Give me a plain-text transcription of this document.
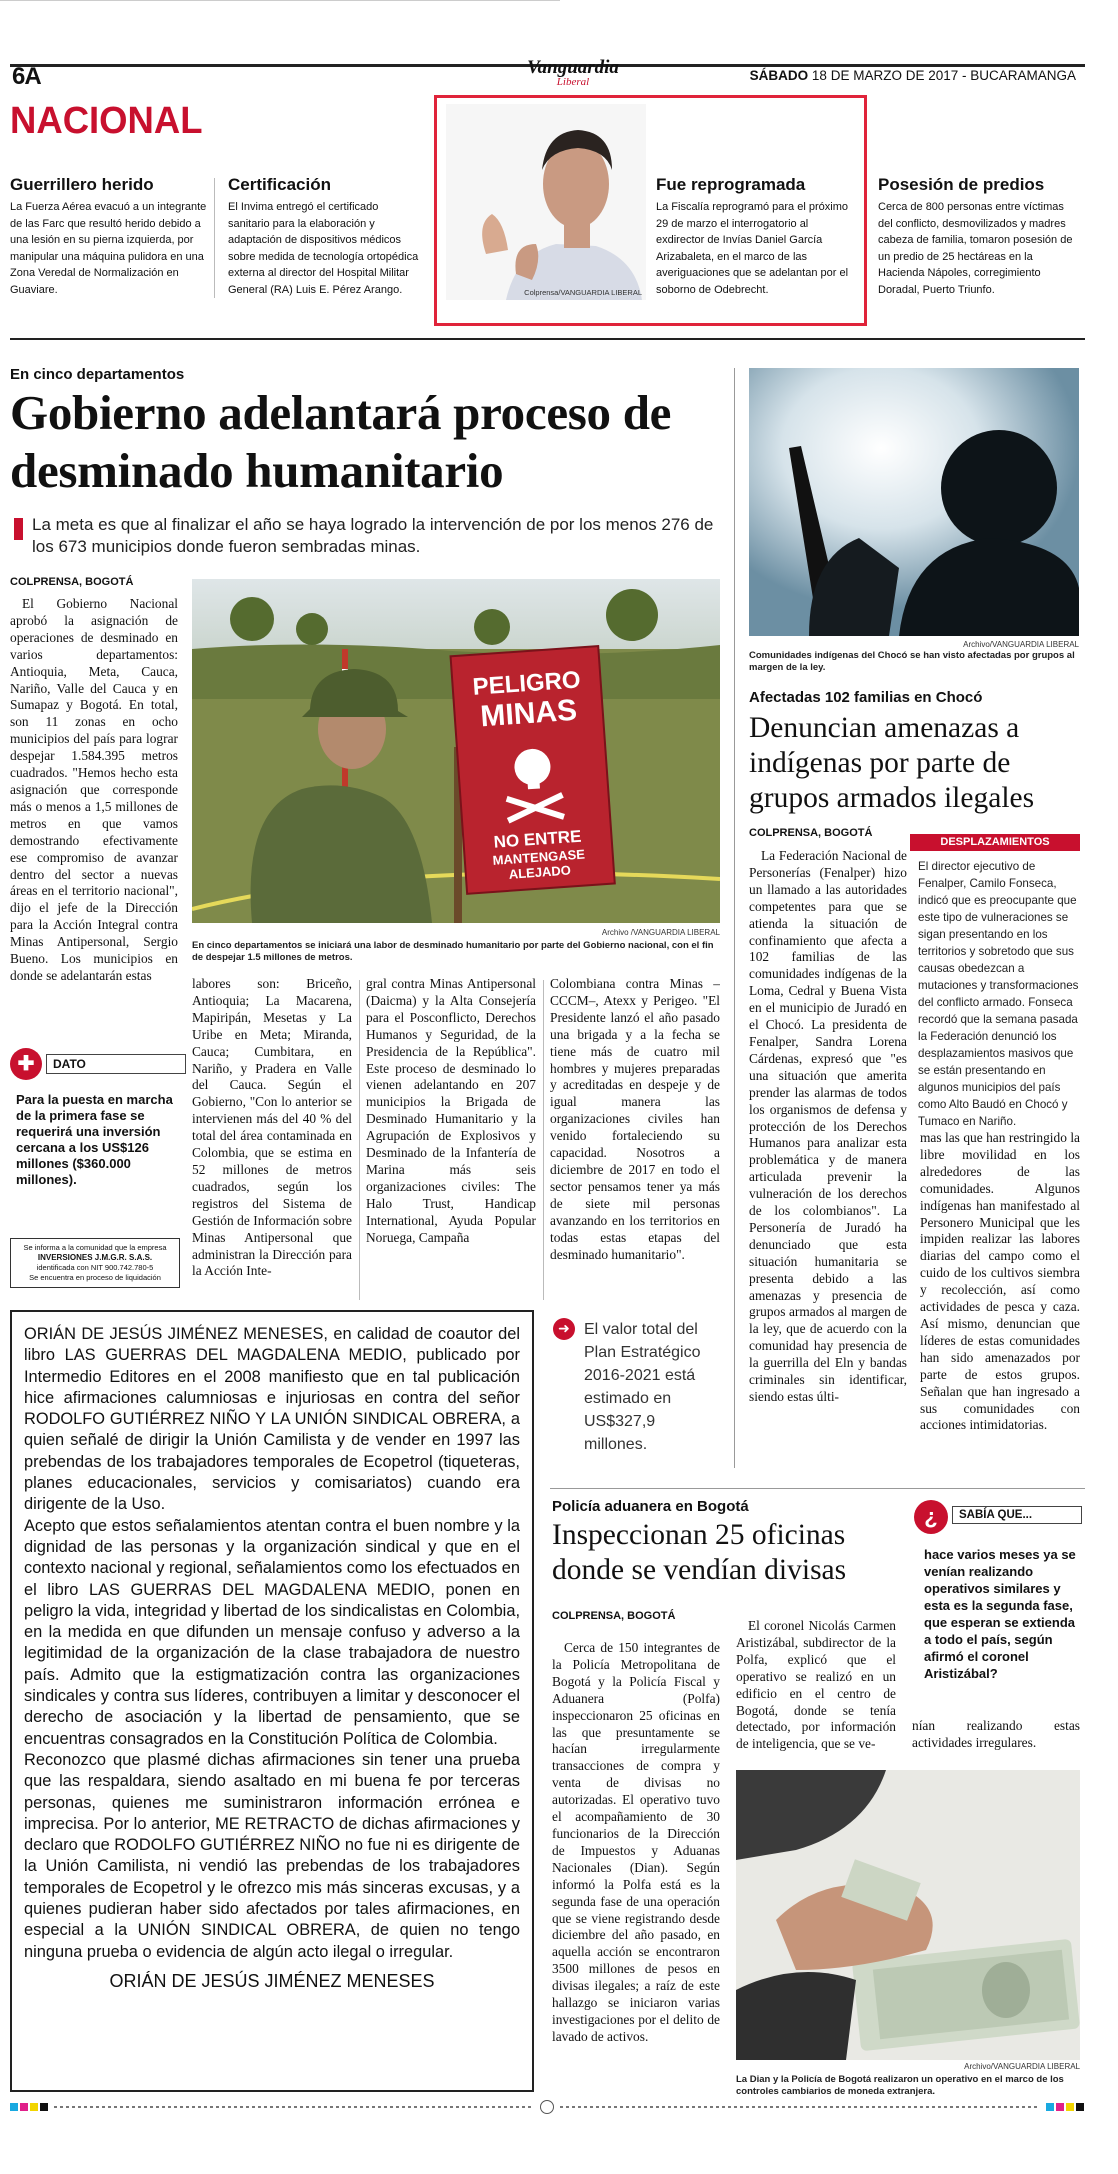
6A	Vanguardia
Liberal	SÁBADO 18 DE MARZO DE 2017 - BUCARAMANGA
NACIONAL
Guerrillero herido
La Fuerza Aérea evacuó a un integrante de las Farc que resultó herido debido a una lesión en su pierna izquierda, por manipular una máquina pulidora en una Zona Veredal de Normalización en Guaviare.
Certificación
El Invima entregó el certificado sanitario para la elaboración y adaptación de dispositivos médicos sobre medida de tecnología ortopédica externa al director del Hospital Militar General (RA) Luis E. Pérez Arango.	Colprensa/VANGUARDIA LIBERAL
Fue reprogramada
La Fiscalía reprogramó para el próximo 29 de marzo el interrogatorio al exdirector de Invías Daniel García Arizabaleta, en el marco de las averiguaciones que se adelantan por el soborno de Odebrecht.
Posesión de predios
Cerca de 800 personas entre víctimas del conflicto, desmovilizados y madres cabeza de familia, tomaron posesión de un predio de 25 hectáreas en la Hacienda Nápoles, corregimiento Doradal, Puerto Triunfo.
En cinco departamentos
Gobierno adelantará proceso de desminado humanitario
La meta es que al finalizar el año se haya logrado la intervención de por los menos 276 de los 673 municipios donde fueron sembradas minas.
COLPRENSA, BOGOTÁ

El Gobierno Nacional aprobó la asignación de operaciones de desminado en varios departamentos: Antioquia, Meta, Cauca, Nariño, Valle del Cauca y en Sumapaz y Bogotá. En total, son 11 zonas en ocho municipios del país para lograr despejar 1.584.395 metros cuadrados. "Hemos hecho esta asignación que corresponde más o menos a 1,5 millones de metros en que vamos demostrando efectivamente ese compromiso de avanzar dentro del sector a nuevas áreas en el territorio nacional", dijo el jefe de la Dirección para la Acción Integral contra Minas Antipersonal, Sergio Bueno. Los municipios en donde se adelantarán estas

PELIGRO
MINAS
NO ENTRE
MANTENGASE
ALEJADO
Archivo /VANGUARDIA LIBERAL
En cinco departamentos se iniciará una labor de desminado humanitario por parte del Gobierno nacional, con el fin de despejar 1.5 millones de metros.

labores son: Briceño, Antioquia; La Macarena, Mapiripán, Mesetas y La Uribe en Meta; Miranda, Cauca; Cumbitara, en Nariño, y Pradera en Valle del Cauca. Según el Gobierno, "Con lo anterior se intervienen más del 40 % del total del área contaminada en Colombia, que se estima en 52 millones de metros cuadrados, según los registros del Sistema de Gestión de Información sobre Minas Antipersonal que administran la Dirección para la Acción Inte-

gral contra Minas Antipersonal (Daicma) y la Alta Consejería para el Posconflicto, Derechos Humanos y Seguridad, de la Presidencia de la República". Este proceso de desminado lo vienen adelantando en 207 municipios la Brigada de Desminado Humanitario y la Agrupación de Explosivos y Desminado de la Infantería de Marina más seis organizaciones civiles: The Halo Trust, Handicap International, Ayuda Popular Noruega, Campaña

Colombiana contra Minas –CCCM–, Atexx y Perigeo. "El Presidente lanzó el año pasado una brigada y a la fecha se tiene más de cuatro mil hombres y mujeres preparadas y acreditadas en despeje y de igual manera las organizaciones civiles han venido fortaleciendo su capacidad. Nosotros a diciembre de 2017 en todo el sector pensamos tener ya más de siete mil personas avanzando en los territorios en todas estas etapas del desminado humanitario".

✚	DATO
Para la puesta en marcha de la primera fase se requerirá una inversión cercana a los US$126 millones ($360.000 millones).
Se informa a la comunidad que la empresa
INVERSIONES J.M.G.R. S.A.S.
identificada con NIT 900.742.780-5
Se encuentra en proceso de liquidación
➜ El valor total del Plan Estratégico 2016-2021 está estimado en US$327,9 millones.

ORIÁN DE JESÚS JIMÉNEZ MENESES, en calidad de coautor del libro LAS GUERRAS DEL MAGDALENA MEDIO, publicado por Intermedio Editores en el 2008 manifiesto que en tal publicación hice afirmaciones calumniosas e injuriosas en contra del señor RODOLFO GUTIÉRREZ NIÑO Y LA UNIÓN SINDICAL OBRERA, a quien señalé de dirigir la Unión Camilista y de vender en 1997 las prebendas de los trabajadores temporales de Ecopetrol (tiqueteras, planes educacionales, servicios y comisariatos) cuando era dirigente de la Uso.

Acepto que estos señalamientos atentan contra el buen nombre y la dignidad de las personas y la organización sindical y que en el contexto nacional y regional, señalamientos como los efectuados en el libro LAS GUERRAS DEL MAGDALENA MEDIO, ponen en peligro la vida, integridad y libertad de los sindicalistas en Colombia, en la medida en que difunden un mensaje confuso y adverso a la legitimidad de la organización de la clase trabajadora de nuestro país. Admito que la estigmatización contra las organizaciones sindicales y contra sus líderes, contribuyen a limitar y desconocer el derecho de asociación y la libertad de pensamiento, que se encuentras consagrados en la Constitución Política de Colombia.

Reconozco que plasmé dichas afirmaciones sin tener una prueba que las respaldara, siendo asaltado en mi buena fe por terceras personas, quienes me suministraron información errónea e imprecisa. Por lo anterior, ME RETRACTO de dichas afirmaciones y declaro que RODOLFO GUTIÉRREZ NIÑO no fue ni es dirigente de la Unión Camilista, ni vendió las prebendas de los trabajadores temporales de Ecopetrol y le ofrezco mis más sinceras excusas, y a quienes pudieran haber sido afectados por tales afirmaciones, en especial a la UNIÓN SINDICAL OBRERA, de quien no tengo ninguna prueba o evidencia de algún acto ilegal o irregular.

ORIÁN DE JESÚS JIMÉNEZ MENESES
Archivo/VANGUARDIA LIBERAL
Comunidades indígenas del Chocó se han visto afectadas por grupos al margen de la ley.
Afectadas 102 familias en Chocó
Denuncian amenazas a indígenas por parte de grupos armados ilegales
COLPRENSA, BOGOTÁ
DESPLAZAMIENTOS

La Federación Nacional de Personerías (Fenalper) hizo un llamado a las autoridades competentes para que se atienda la situación de confinamiento que afecta a 102 familias de las comunidades indígenas de la Loma, Cedral y Buena Vista en el municipio de Juradó en el Chocó. La presidenta de Fenalper, Sandra Lorena Cárdenas, expresó que "es una situación que amerita prender las alarmas de todos los organismos de defensa y protección de los Derechos Humanos para analizar esta problemática y de manera articulada prevenir la vulneración de los derechos de los colombianos". La Personería de Juradó ha denunciado que esta situación humanitaria se presenta debido a las amenazas y presencia de grupos armados al margen de la ley, que de acuerdo con la comunidad hay presencia de la guerrilla del Eln y bandas criminales sin identificar, siendo estas últi-

El director ejecutivo de Fenalper, Camilo Fonseca, indicó que es preocupante que este tipo de vulneraciones se sigan presentando en los territorios y sobretodo que sus causas obedezcan a mutaciones y transformaciones del conflicto armado. Fonseca recordó que la semana pasada la Federación denunció los desplazamientos masivos que se están presentando en algunos municipios del país como Alto Baudó en Chocó y Tumaco en Nariño.

mas las que han restringido la libre movilidad en los alrededores de las comunidades. Algunos indígenas han manifestado al Personero Municipal que les impiden realizar las labores diarias del campo como el cuido de los cultivos siembra y recolección, así como actividades de pesca y caza. Así mismo, denuncian que líderes de estas comunidades han sido amenazados por parte de estos grupos. Señalan que han ingresado a sus comunidades con acciones intimidatorias.

Policía aduanera en Bogotá
Inspeccionan 25 oficinas donde se vendían divisas
COLPRENSA, BOGOTÁ

Cerca de 150 integrantes de la Policía Metropolitana de Bogotá y la Policía Fiscal y Aduanera (Polfa) inspeccionaron 25 oficinas en las que presuntamente se hacían irregularmente transacciones de compra y venta de divisas no autorizadas. El operativo tuvo el acompañamiento de 30 funcionarios de la Dirección de Impuestos y Aduanas Nacionales (Dian). Según informó la Polfa está es la segunda fase de una operación que se viene registrando desde diciembre del año pasado, en aquella acción se encontraron 3500 millones de pesos en divisas ilegales; a raíz de este hallazgo se iniciaron varias investigaciones por el delito de lavado de activos.

El coronel Nicolás Carmen Aristizábal, subdirector de la Polfa, explicó que el operativo se realizó en un edificio en el centro de Bogotá, donde se tenía detectado, por información de inteligencia, que se ve-

nían realizando estas actividades irregulares.

¿	SABÍA QUE...
hace varios meses ya se venían realizando operativos similares y esta es la segunda fase, que esperan se extienda a todo el país, según afirmó el coronel Aristizábal?
Archivo/VANGUARDIA LIBERAL
La Dian y la Policía de Bogotá realizaron un operativo en el marco de los controles cambiarios de moneda extranjera.
